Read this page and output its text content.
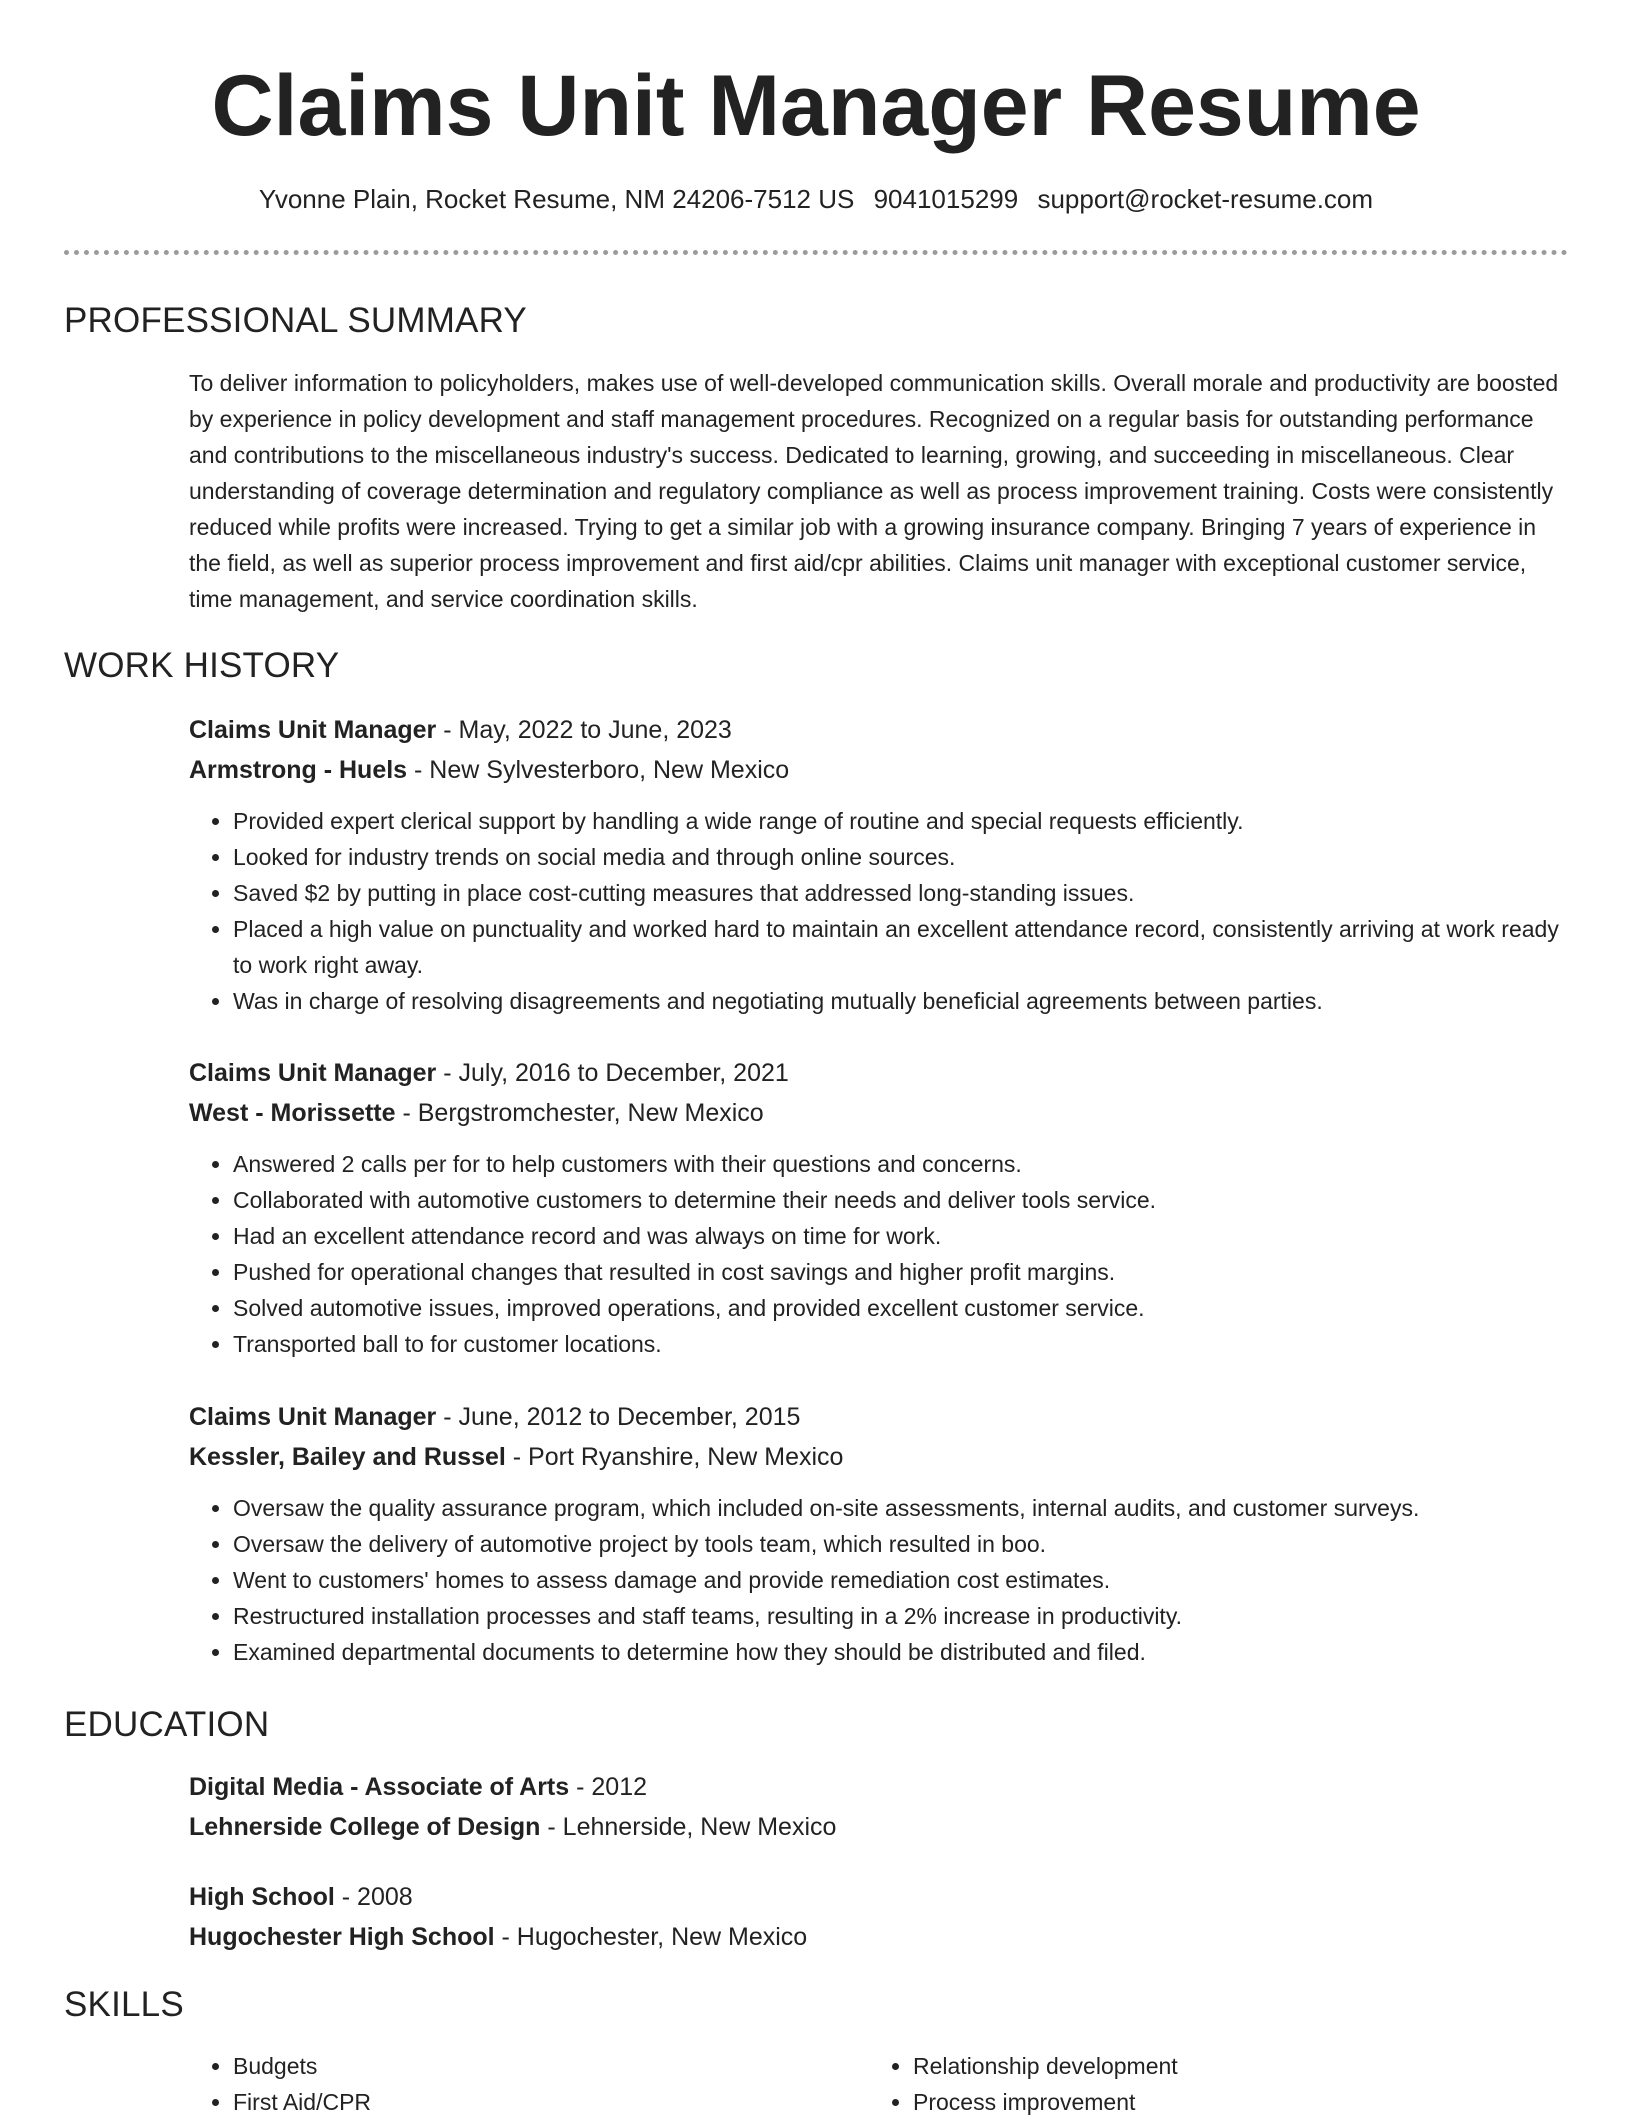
Claims Unit Manager Resume
Yvonne Plain, Rocket Resume, NM 24206-7512 US 9041015299 support@rocket-resume.com
PROFESSIONAL SUMMARY

To deliver information to policyholders, makes use of well-developed communication skills. Overall morale and productivity are boosted by experience in policy development and staff management procedures. Recognized on a regular basis for outstanding performance and contributions to the miscellaneous industry's success. Dedicated to learning, growing, and succeeding in miscellaneous. Clear understanding of coverage determination and regulatory compliance as well as process improvement training. Costs were consistently reduced while profits were increased. Trying to get a similar job with a growing insurance company. Bringing 7 years of experience in the field, as well as superior process improvement and first aid/cpr abilities. Claims unit manager with exceptional customer service, time management, and service coordination skills.

WORK HISTORY
Claims Unit Manager - May, 2022 to June, 2023
Armstrong - Huels - New Sylvesterboro, New Mexico
• Provided expert clerical support by handling a wide range of routine and special requests efficiently.
• Looked for industry trends on social media and through online sources.
• Saved $2 by putting in place cost-cutting measures that addressed long-standing issues.
• Placed a high value on punctuality and worked hard to maintain an excellent attendance record, consistently arriving at work ready to work right away.
• Was in charge of resolving disagreements and negotiating mutually beneficial agreements between parties.
Claims Unit Manager - July, 2016 to December, 2021
West - Morissette - Bergstromchester, New Mexico
• Answered 2 calls per for to help customers with their questions and concerns.
• Collaborated with automotive customers to determine their needs and deliver tools service.
• Had an excellent attendance record and was always on time for work.
• Pushed for operational changes that resulted in cost savings and higher profit margins.
• Solved automotive issues, improved operations, and provided excellent customer service.
• Transported ball to for customer locations.
Claims Unit Manager - June, 2012 to December, 2015
Kessler, Bailey and Russel - Port Ryanshire, New Mexico
• Oversaw the quality assurance program, which included on-site assessments, internal audits, and customer surveys.
• Oversaw the delivery of automotive project by tools team, which resulted in boo.
• Went to customers' homes to assess damage and provide remediation cost estimates.
• Restructured installation processes and staff teams, resulting in a 2% increase in productivity.
• Examined departmental documents to determine how they should be distributed and filed.
EDUCATION
Digital Media - Associate of Arts - 2012
Lehnerside College of Design - Lehnerside, New Mexico
High School - 2008
Hugochester High School - Hugochester, New Mexico
SKILLS
• Budgets
• First Aid/CPR
• Relationship development
• Process improvement
